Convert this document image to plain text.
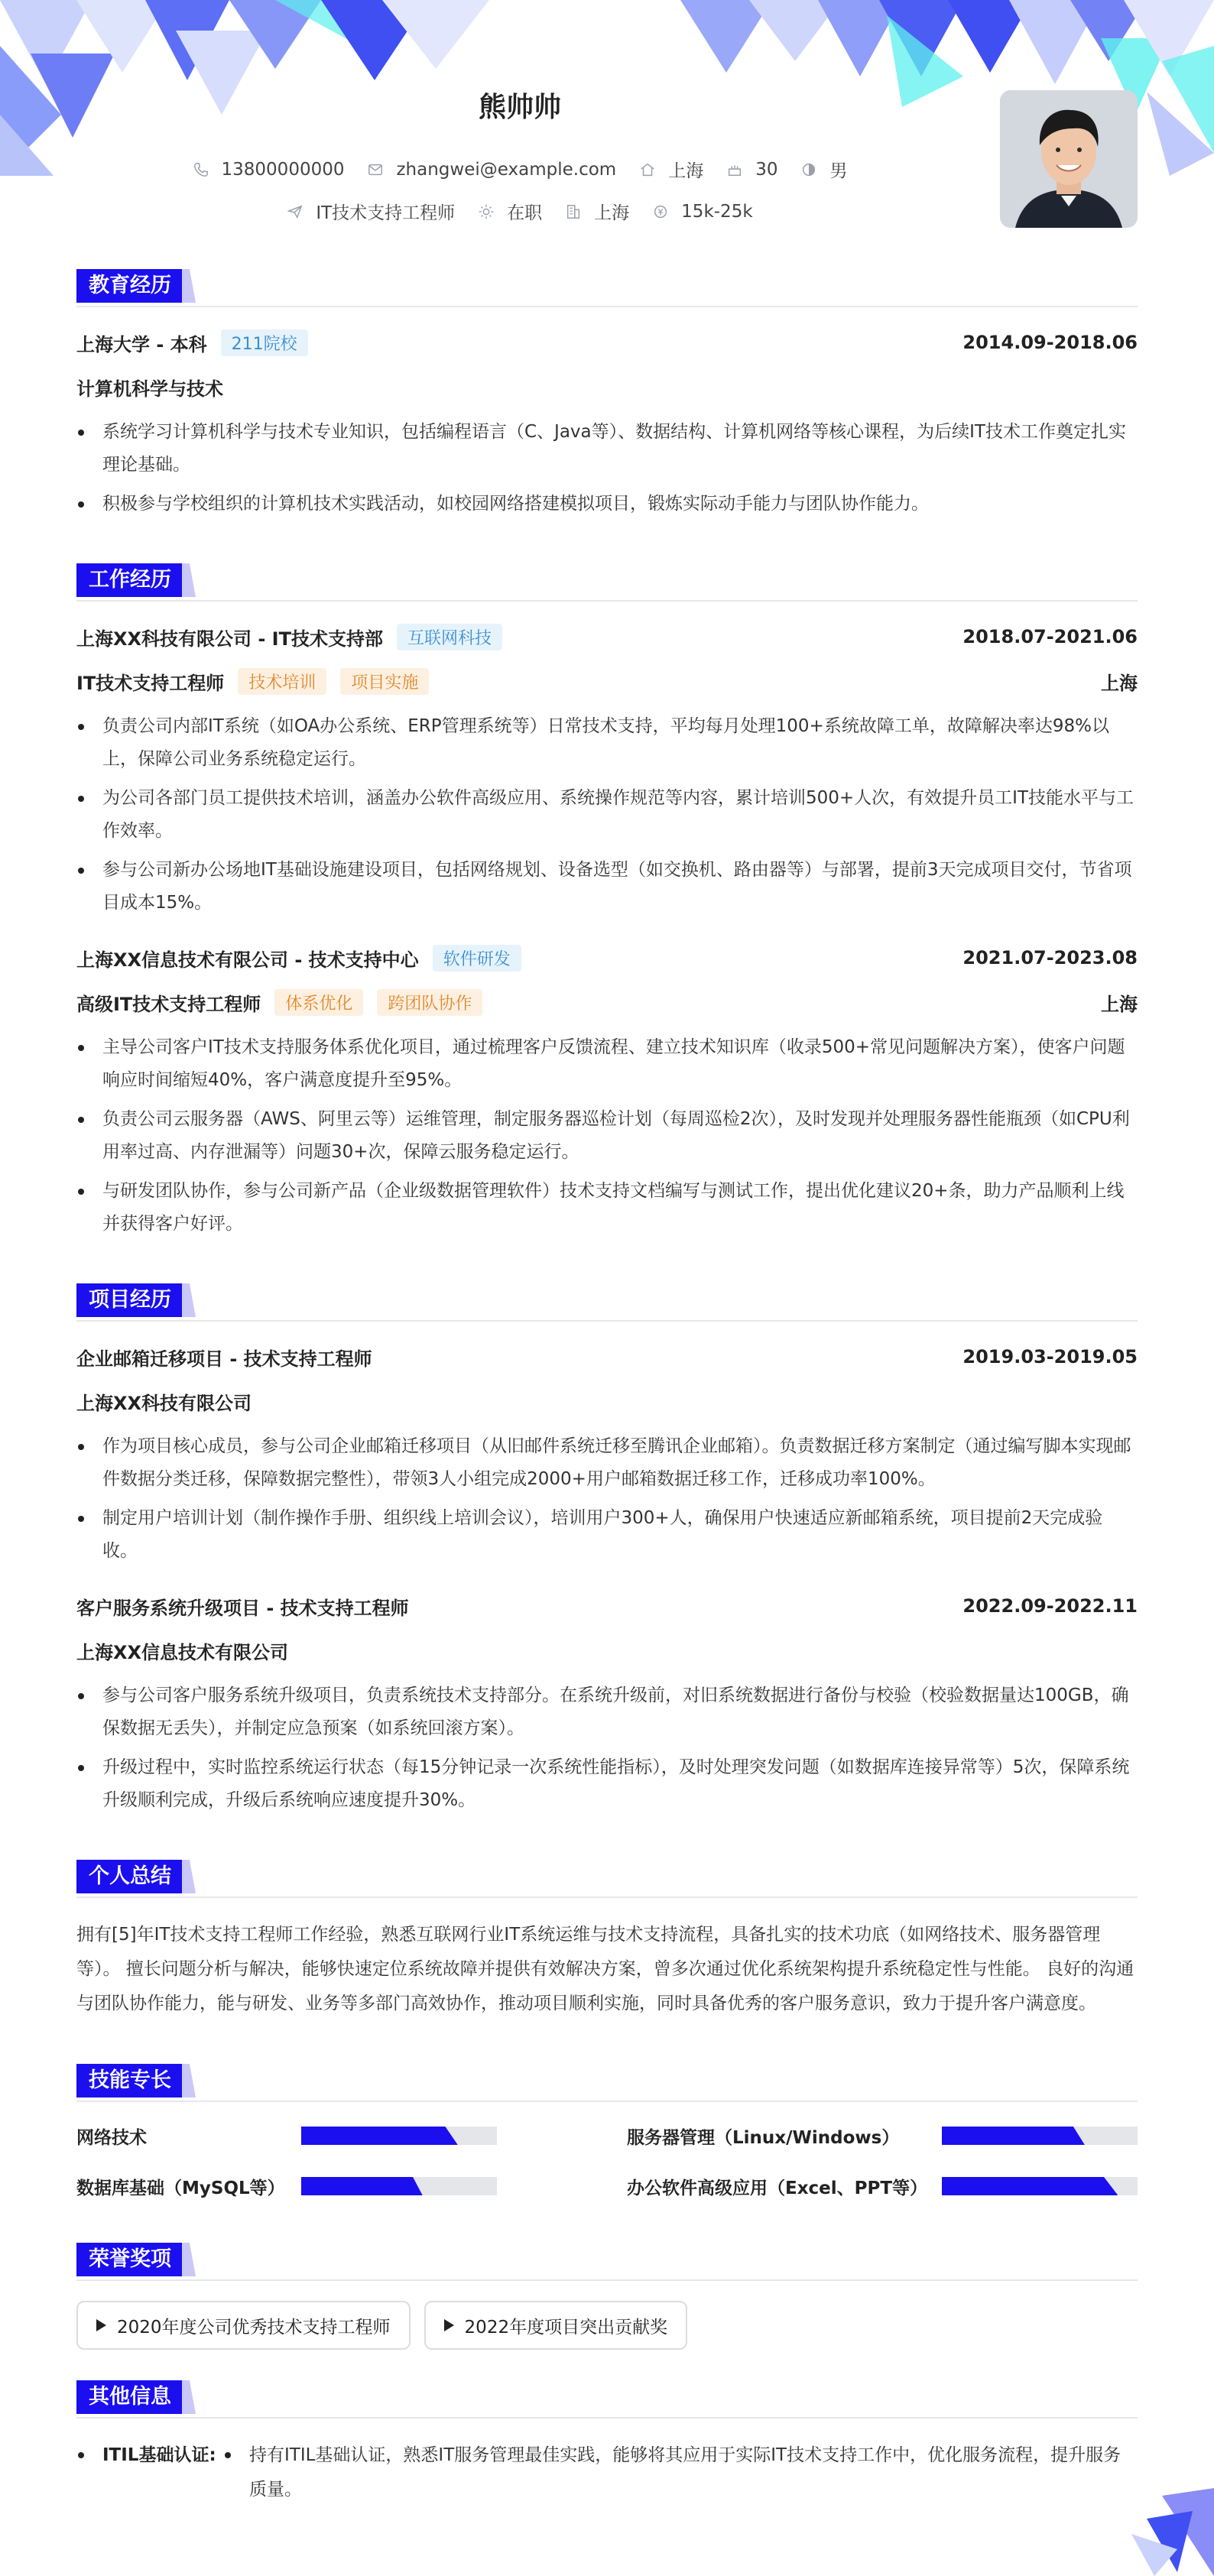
熊帅帅
13800000000	zhangwei@example.com	上海	30	男
IT技术支持工程师	在职	上海	15k-25k
教育经历
上海大学 - 本科	211院校	2014.09-2018.06
计算机科学与技术
系统学习计算机科学与技术专业知识，包括编程语言（C、Java等）、数据结构、计算机网络等核心课程，为后续IT技术工作奠定扎实理论基础。
积极参与学校组织的计算机技术实践活动，如校园网络搭建模拟项目，锻炼实际动手能力与团队协作能力。
工作经历
上海XX科技有限公司 - IT技术支持部	互联网科技	2018.07-2021.06
IT技术支持工程师	技术培训	项目实施	上海
负责公司内部IT系统（如OA办公系统、ERP管理系统等）日常技术支持，平均每月处理100+系统故障工单，故障解决率达98%以上，保障公司业务系统稳定运行。
为公司各部门员工提供技术培训，涵盖办公软件高级应用、系统操作规范等内容，累计培训500+人次，有效提升员工IT技能水平与工作效率。
参与公司新办公场地IT基础设施建设项目，包括网络规划、设备选型（如交换机、路由器等）与部署，提前3天完成项目交付，节省项目成本15%。
上海XX信息技术有限公司 - 技术支持中心	软件研发	2021.07-2023.08
高级IT技术支持工程师	体系优化	跨团队协作	上海
主导公司客户IT技术支持服务体系优化项目，通过梳理客户反馈流程、建立技术知识库（收录500+常见问题解决方案），使客户问题响应时间缩短40%，客户满意度提升至95%。
负责公司云服务器（AWS、阿里云等）运维管理，制定服务器巡检计划（每周巡检2次），及时发现并处理服务器性能瓶颈（如CPU利用率过高、内存泄漏等）问题30+次，保障云服务稳定运行。
与研发团队协作，参与公司新产品（企业级数据管理软件）技术支持文档编写与测试工作，提出优化建议20+条，助力产品顺利上线并获得客户好评。
项目经历
企业邮箱迁移项目 - 技术支持工程师	2019.03-2019.05
上海XX科技有限公司
作为项目核心成员，参与公司企业邮箱迁移项目（从旧邮件系统迁移至腾讯企业邮箱）。负责数据迁移方案制定（通过编写脚本实现邮件数据分类迁移，保障数据完整性），带领3人小组完成2000+用户邮箱数据迁移工作，迁移成功率100%。
制定用户培训计划（制作操作手册、组织线上培训会议），培训用户300+人，确保用户快速适应新邮箱系统，项目提前2天完成验收。
客户服务系统升级项目 - 技术支持工程师	2022.09-2022.11
上海XX信息技术有限公司
参与公司客户服务系统升级项目，负责系统技术支持部分。在系统升级前，对旧系统数据进行备份与校验（校验数据量达100GB，确保数据无丢失），并制定应急预案（如系统回滚方案）。
升级过程中，实时监控系统运行状态（每15分钟记录一次系统性能指标），及时处理突发问题（如数据库连接异常等）5次，保障系统升级顺利完成，升级后系统响应速度提升30%。
个人总结
拥有[5]年IT技术支持工程师工作经验，熟悉互联网行业IT系统运维与技术支持流程，具备扎实的技术功底（如网络技术、服务器管理等）。 擅长问题分析与解决，能够快速定位系统故障并提供有效解决方案，曾多次通过优化系统架构提升系统稳定性与性能。 良好的沟通与团队协作能力，能与研发、业务等多部门高效协作，推动项目顺利实施，同时具备优秀的客户服务意识，致力于提升客户满意度。
技能专长
网络技术	服务器管理（Linux/Windows）
数据库基础（MySQL等）	办公软件高级应用（Excel、PPT等）
荣誉奖项
2020年度公司优秀技术支持工程师	2022年度项目突出贡献奖
其他信息
ITIL基础认证:	持有ITIL基础认证，熟悉IT服务管理最佳实践，能够将其应用于实际IT技术支持工作中，优化服务流程，提升服务质量。
